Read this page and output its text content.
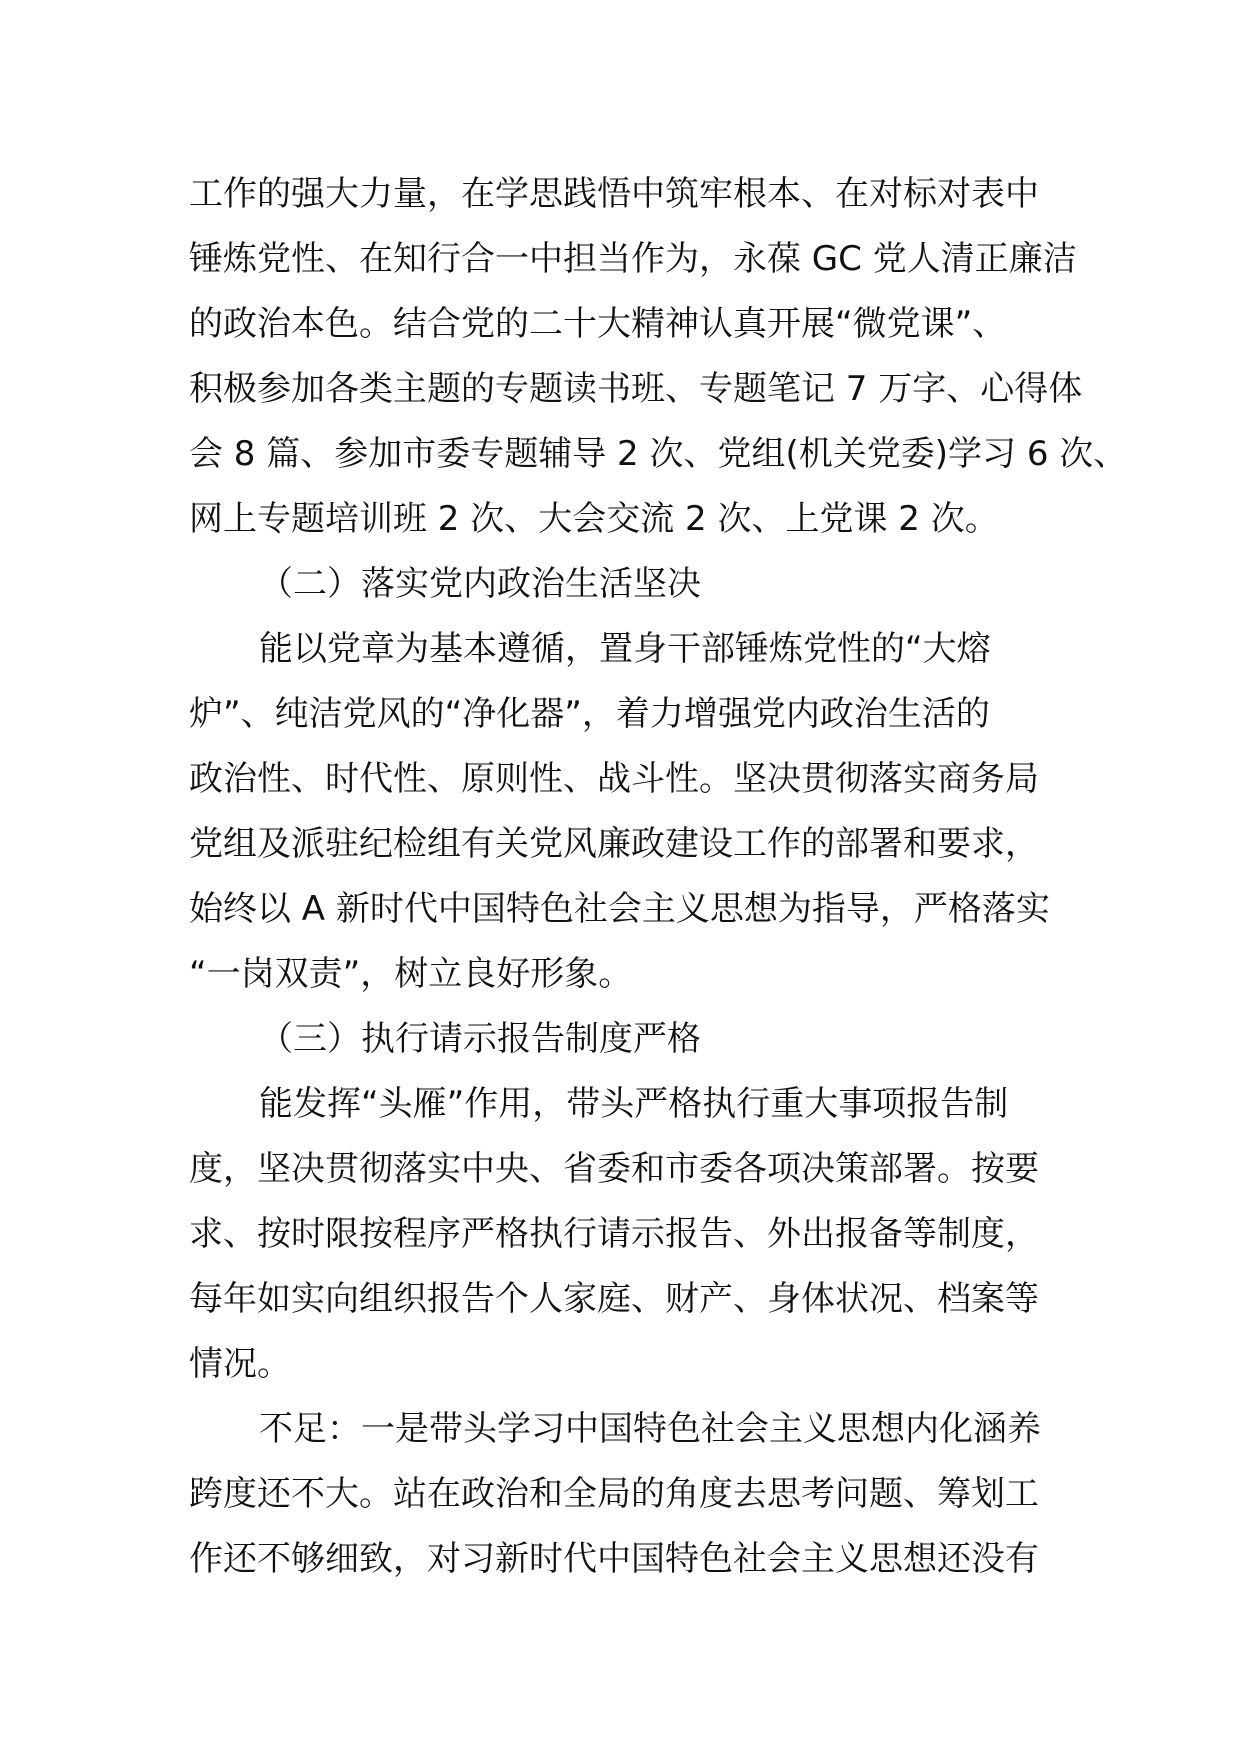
工作的强大力量，在学思践悟中筑牢根本、在对标对表中
锤炼党性、在知行合一中担当作为，永葆 GC 党人清正廉洁
的政治本色。结合党的二十大精神认真开展“微党课”、
积极参加各类主题的专题读书班、专题笔记 7 万字、心得体
会 8 篇、参加市委专题辅导 2 次、党组(机关党委)学习 6 次、
网上专题培训班 2 次、大会交流 2 次、上党课 2 次。
（二）落实党内政治生活坚决
能以党章为基本遵循，置身干部锤炼党性的“大熔
炉”、纯洁党风的“净化器”，着力增强党内政治生活的
政治性、时代性、原则性、战斗性。坚决贯彻落实商务局
党组及派驻纪检组有关党风廉政建设工作的部署和要求，
始终以 A 新时代中国特色社会主义思想为指导，严格落实
“一岗双责”，树立良好形象。
（三）执行请示报告制度严格
能发挥“头雁”作用，带头严格执行重大事项报告制
度，坚决贯彻落实中央、省委和市委各项决策部署。按要
求、按时限按程序严格执行请示报告、外出报备等制度，
每年如实向组织报告个人家庭、财产、身体状况、档案等
情况。
不足：一是带头学习中国特色社会主义思想内化涵养
跨度还不大。站在政治和全局的角度去思考问题、筹划工
作还不够细致，对习新时代中国特色社会主义思想还没有
